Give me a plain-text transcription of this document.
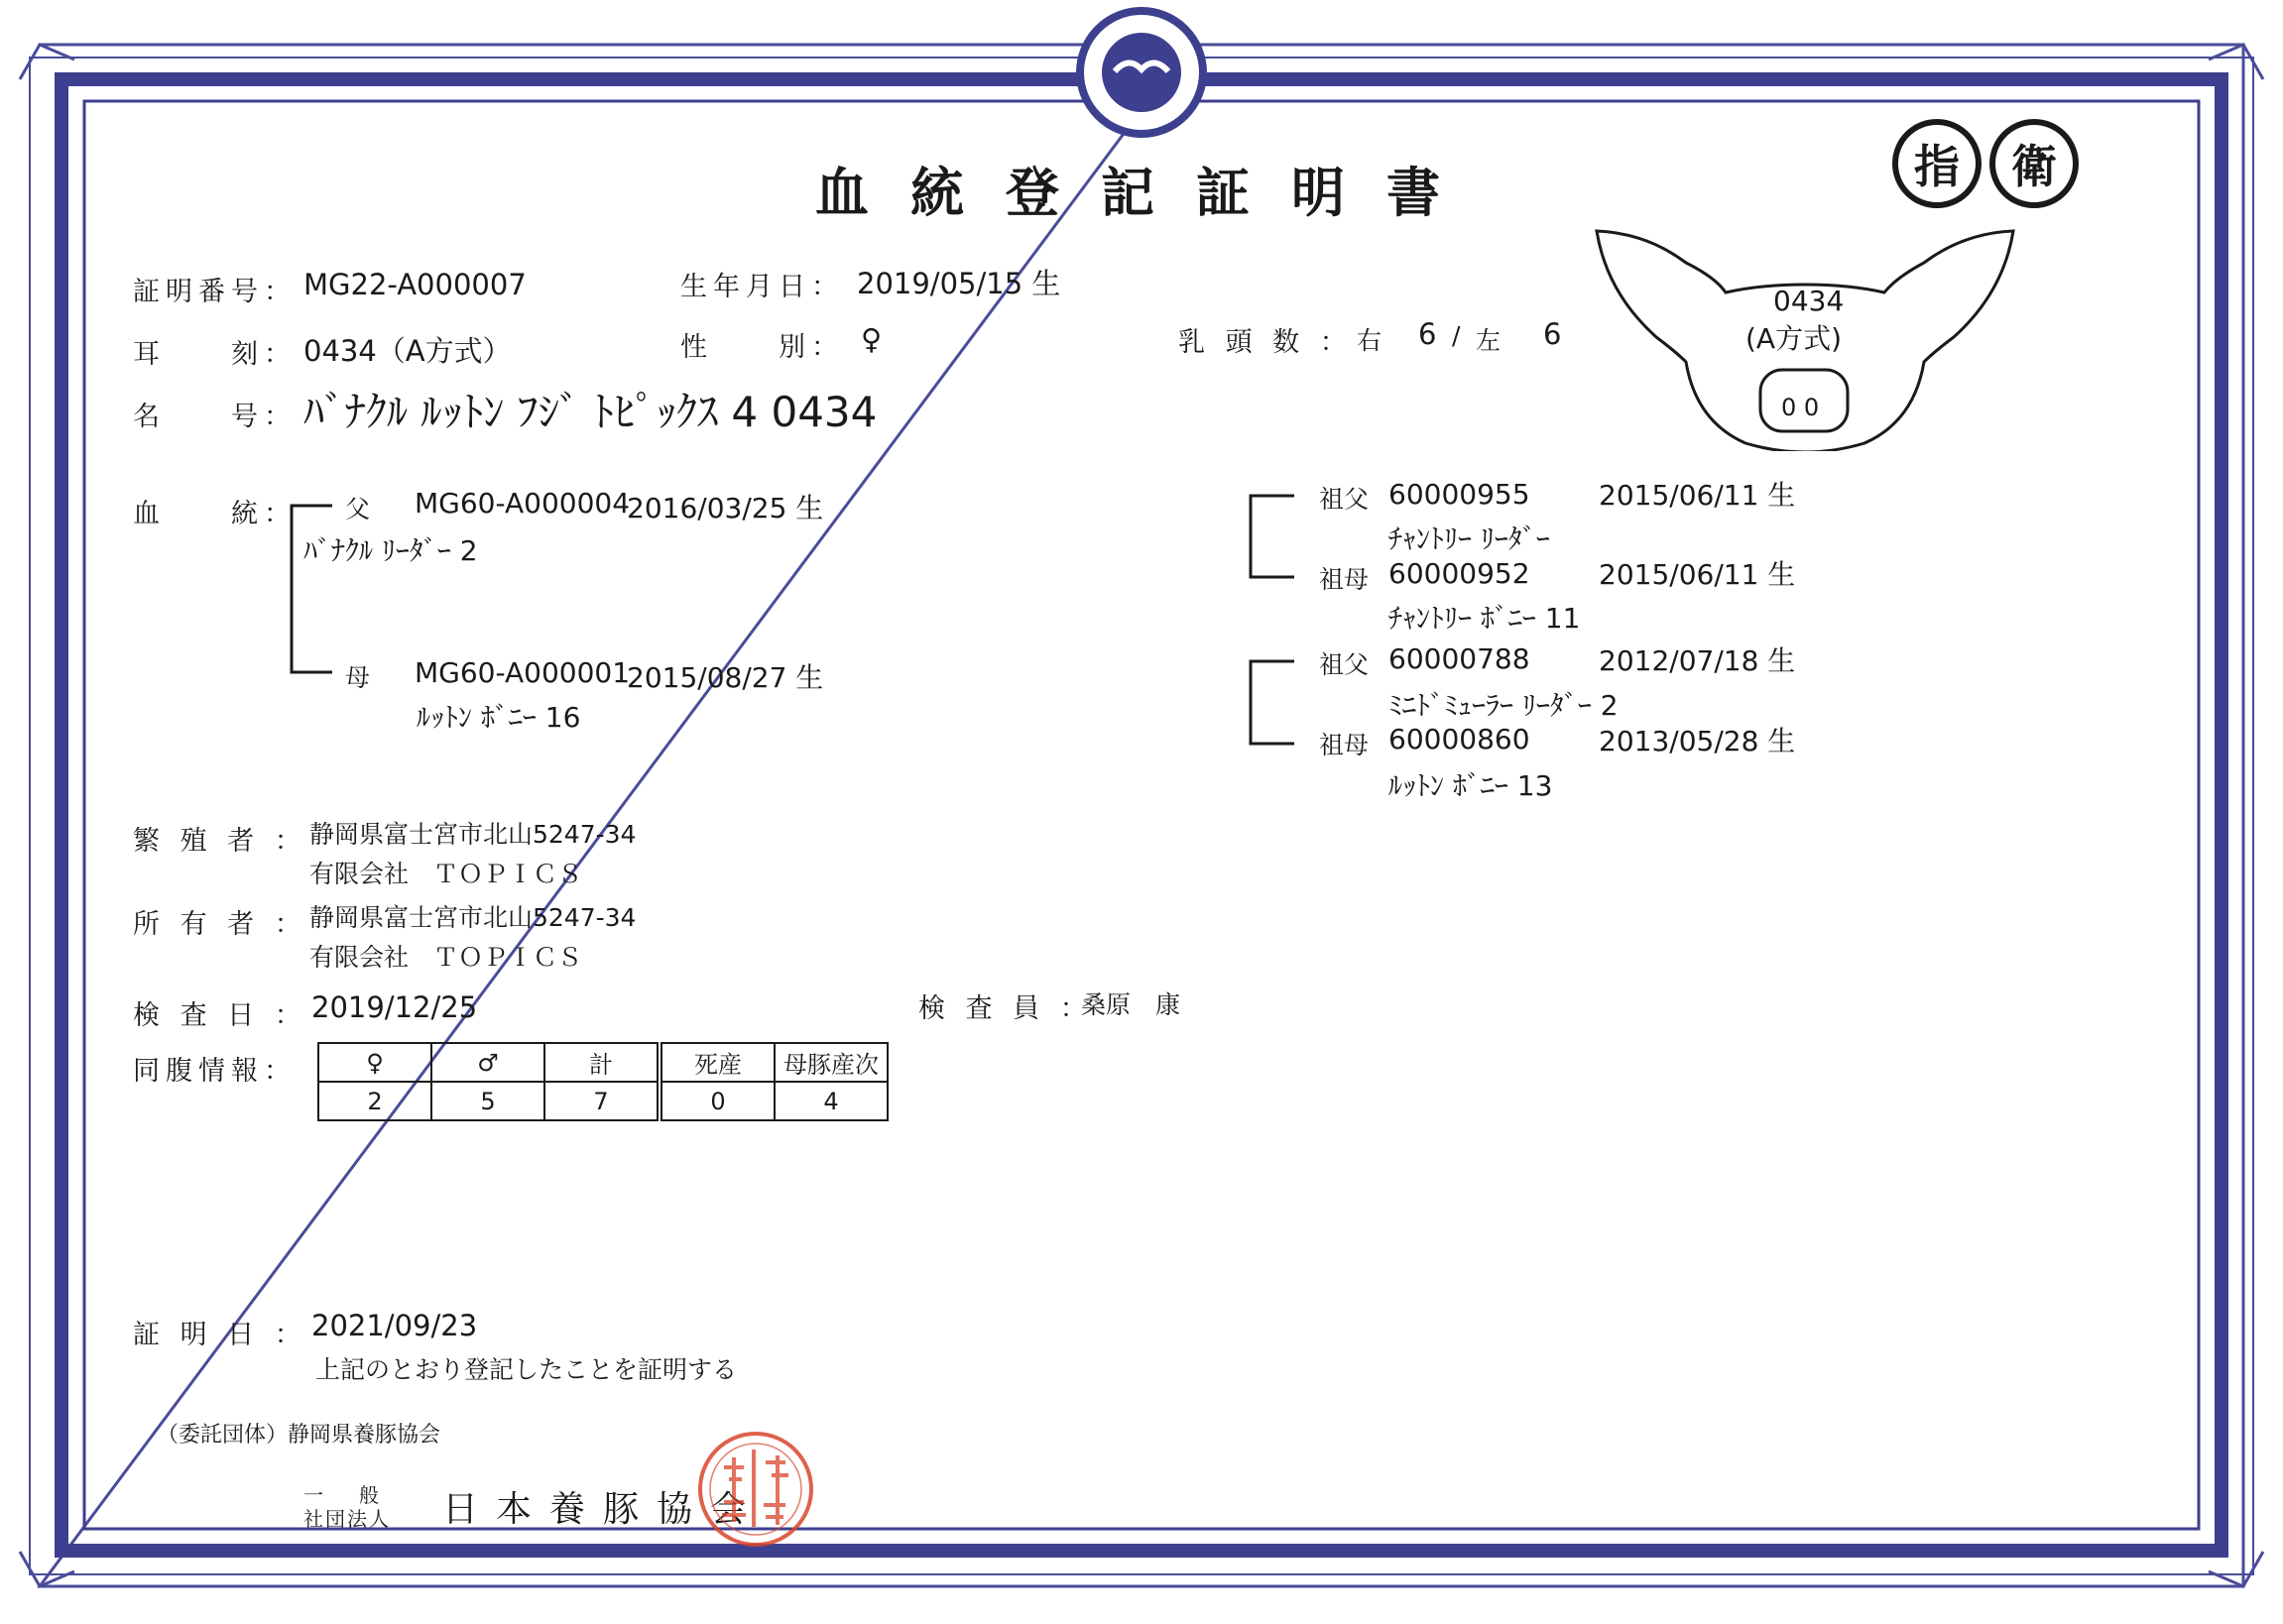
血統登記証明書	指	衛
0434
(A方式)
0 0
証明番号： MG22-A000007	生年月日： 2019/05/15 生
耳　　刻： 0434（A方式）	性　　別： ♀	乳 頭 数 ： 右 6 / 左 6
名　　号： ﾊﾞﾅｸﾙ ﾙｯﾄﾝ ﾌｼﾞ ﾄﾋﾟｯｸｽ 4 0434
血　　統： 父 MG60-A000004
2016/03/25 生
ﾊﾞﾅｸﾙ ﾘｰﾀﾞｰ 2
母 MG60-A000001
2015/08/27 生
ﾙｯﾄﾝ ﾎﾞﾆｰ 16
祖父 60000955 2015/06/11 生
ﾁｬﾝﾄﾘｰ ﾘｰﾀﾞｰ
祖母 60000952 2015/06/11 生
ﾁｬﾝﾄﾘｰ ﾎﾞﾆｰ 11
祖父 60000788 2012/07/18 生
ﾐﾆﾄﾞﾐｭｰﾗｰ ﾘｰﾀﾞｰ 2
祖母 60000860 2013/05/28 生
ﾙｯﾄﾝ ﾎﾞﾆｰ 13
繁 殖 者 ： 静岡県富士宮市北山5247-34
有限会社　ＴＯＰＩＣＳ
所 有 者 ： 静岡県富士宮市北山5247-34
有限会社　ＴＯＰＩＣＳ
検 査 日 ： 2019/12/25	検 査 員 ：
桑原　康
同腹情報：	♀	♂	計	死産	母豚産次
2	5	7	0	4
証 明 日 ： 2021/09/23
上記のとおり登記したことを証明する
（委託団体）静岡県養豚協会
一　般
社団法人 日本養豚協会
